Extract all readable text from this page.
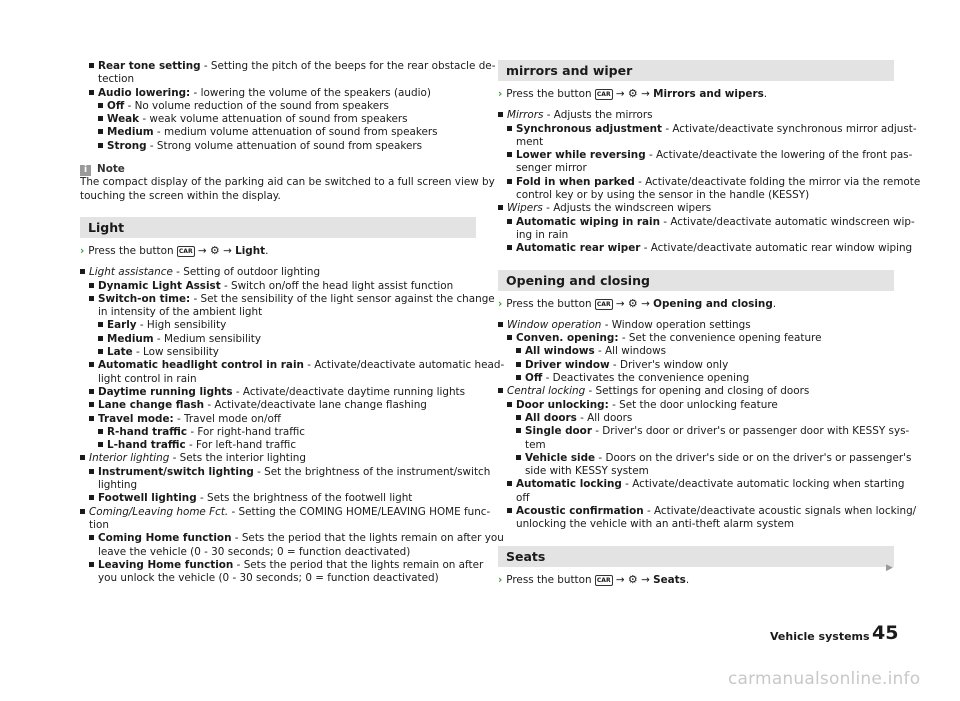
Rear tone setting - Setting the pitch of the beeps for the rear obstacle de-
tection
Audio lowering: - lowering the volume of the speakers (audio)
Off - No volume reduction of the sound from speakers
Weak - weak volume attenuation of sound from speakers
Medium - medium volume attenuation of sound from speakers
Strong - Strong volume attenuation of sound from speakers
i Note
The compact display of the parking aid can be switched to a full screen view by
touching the screen within the display.
Light
› Press the button CAR → ⚙ → Light.
Light assistance - Setting of outdoor lighting
Dynamic Light Assist - Switch on/off the head light assist function
Switch-on time: - Set the sensibility of the light sensor against the change
in intensity of the ambient light
Early - High sensibility
Medium - Medium sensibility
Late - Low sensibility
Automatic headlight control in rain - Activate/deactivate automatic head-
light control in rain
Daytime running lights - Activate/deactivate daytime running lights
Lane change flash - Activate/deactivate lane change flashing
Travel mode: - Travel mode on/off
R-hand traffic - For right-hand traffic
L-hand traffic - For left-hand traffic
Interior lighting - Sets the interior lighting
Instrument/switch lighting - Set the brightness of the instrument/switch
lighting
Footwell lighting - Sets the brightness of the footwell light
Coming/Leaving home Fct. - Setting the COMING HOME/LEAVING HOME func-
tion
Coming Home function - Sets the period that the lights remain on after you
leave the vehicle (0 - 30 seconds; 0 = function deactivated)
Leaving Home function - Sets the period that the lights remain on after
you unlock the vehicle (0 - 30 seconds; 0 = function deactivated)
mirrors and wiper
› Press the button CAR → ⚙ → Mirrors and wipers.
Mirrors - Adjusts the mirrors
Synchronous adjustment - Activate/deactivate synchronous mirror adjust-
ment
Lower while reversing - Activate/deactivate the lowering of the front pas-
senger mirror
Fold in when parked - Activate/deactivate folding the mirror via the remote
control key or by using the sensor in the handle (KESSY)
Wipers - Adjusts the windscreen wipers
Automatic wiping in rain - Activate/deactivate automatic windscreen wip-
ing in rain
Automatic rear wiper - Activate/deactivate automatic rear window wiping
Opening and closing
› Press the button CAR → ⚙ → Opening and closing.
Window operation - Window operation settings
Conven. opening: - Set the convenience opening feature
All windows - All windows
Driver window - Driver's window only
Off - Deactivates the convenience opening
Central locking - Settings for opening and closing of doors
Door unlocking: - Set the door unlocking feature
All doors - All doors
Single door - Driver's door or driver's or passenger door with KESSY sys-
tem
Vehicle side - Doors on the driver's side or on the driver's or passenger's
side with KESSY system
Automatic locking - Activate/deactivate automatic locking when starting
off
Acoustic confirmation - Activate/deactivate acoustic signals when locking/
unlocking the vehicle with an anti-theft alarm system
Seats
› Press the button CAR → ⚙ → Seats.
▶
Vehicle systems 45
carmanualsonline.info
